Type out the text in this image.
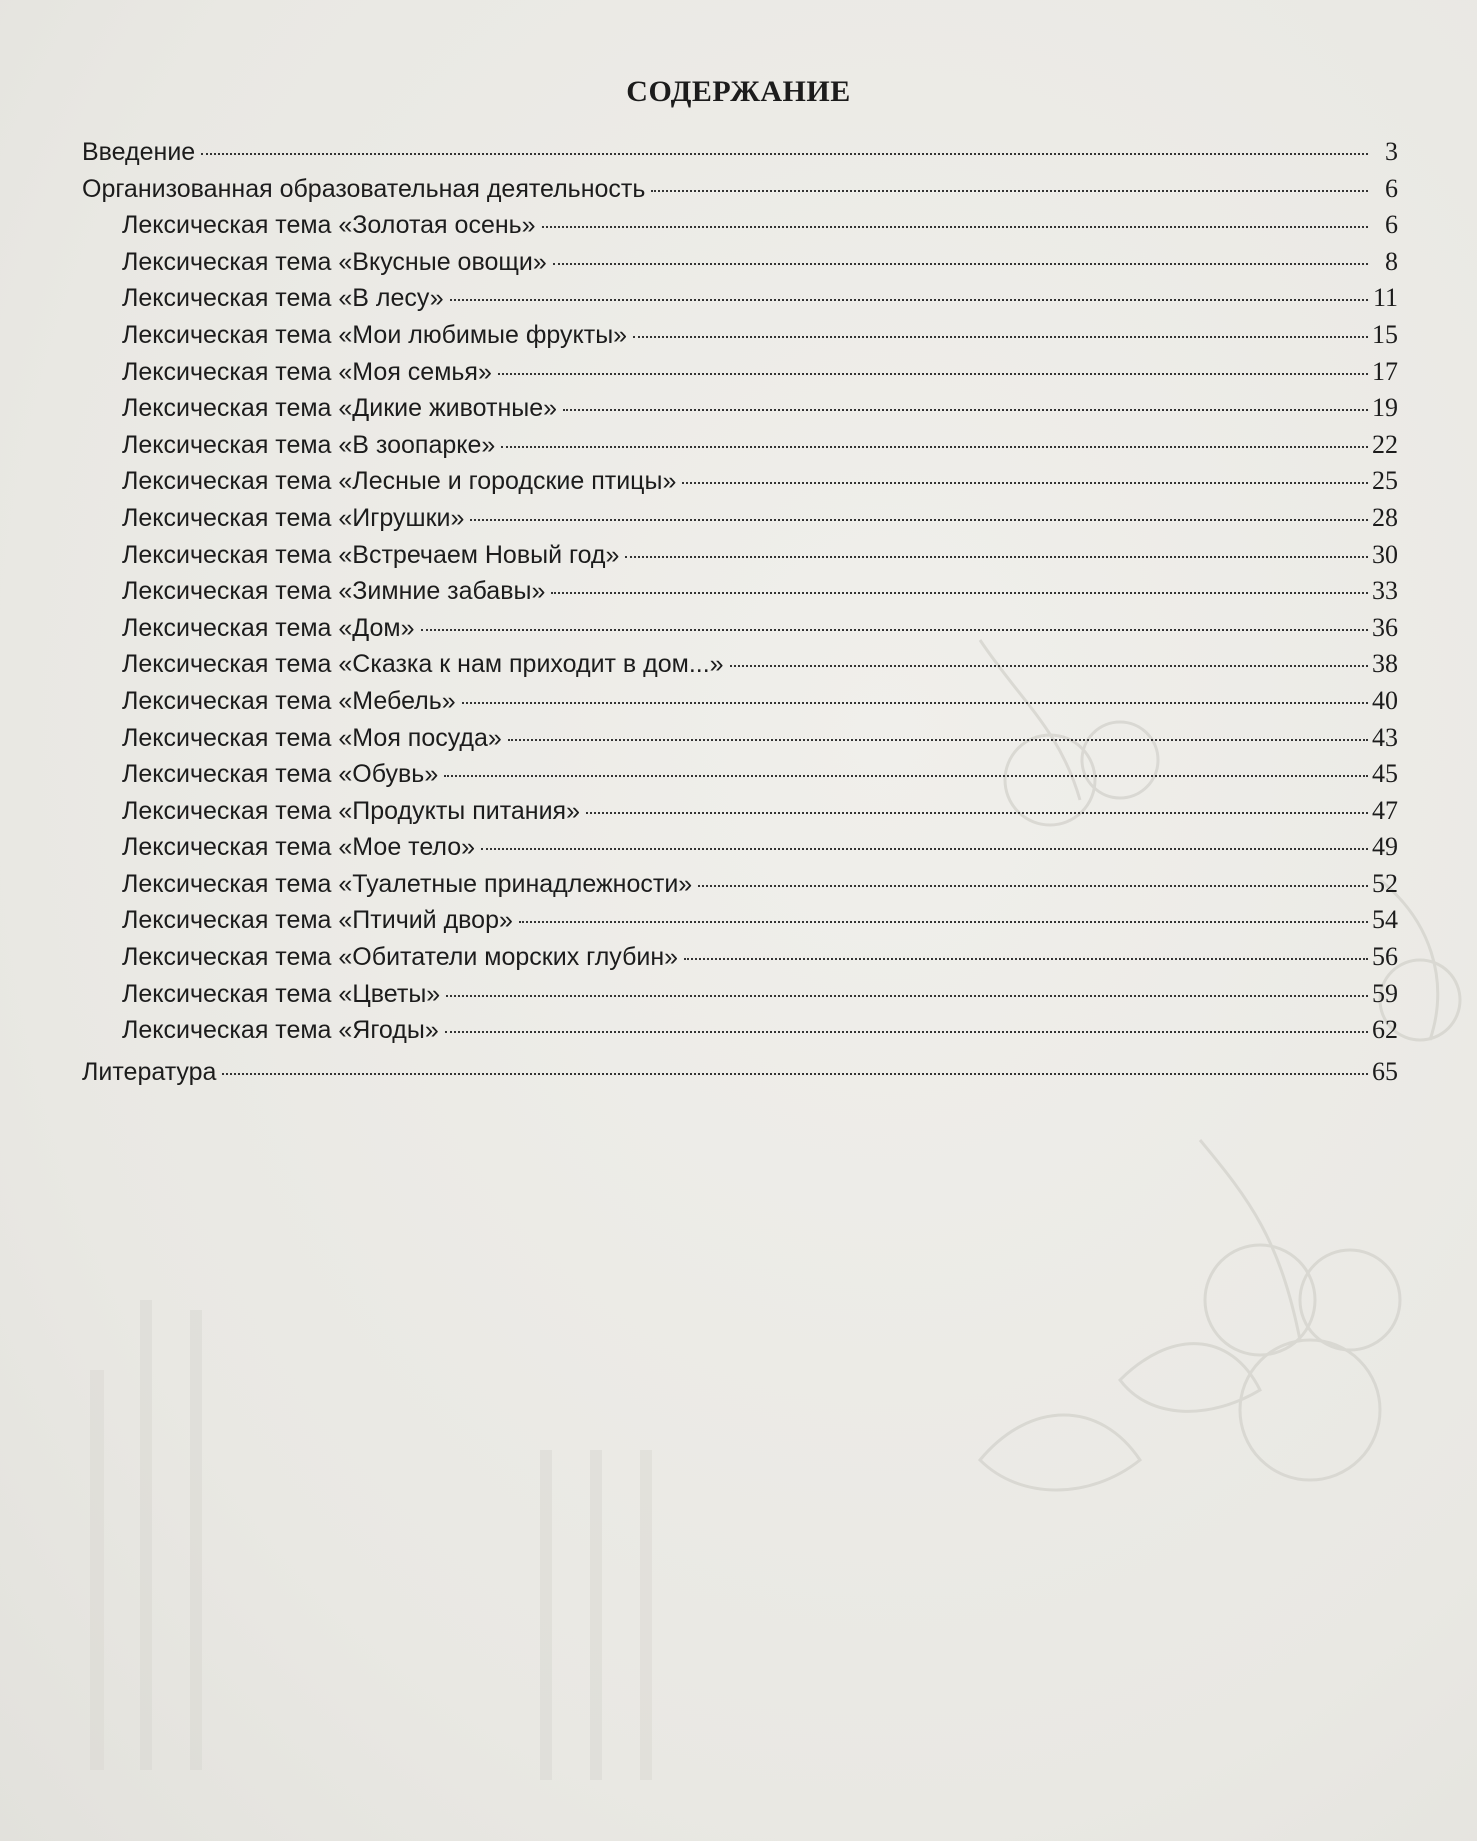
СОДЕРЖАНИЕ
Введение	3
Организованная образовательная деятельность	6
Лексическая тема «Золотая осень»	6
Лексическая тема «Вкусные овощи»	8
Лексическая тема «В лесу»	11
Лексическая тема «Мои любимые фрукты»	15
Лексическая тема «Моя семья»	17
Лексическая тема «Дикие животные»	19
Лексическая тема «В зоопарке»	22
Лексическая тема «Лесные и городские птицы»	25
Лексическая тема «Игрушки»	28
Лексическая тема «Встречаем Новый год»	30
Лексическая тема «Зимние забавы»	33
Лексическая тема «Дом»	36
Лексическая тема «Сказка к нам приходит в дом...»	38
Лексическая тема «Мебель»	40
Лексическая тема «Моя посуда»	43
Лексическая тема «Обувь»	45
Лексическая тема «Продукты питания»	47
Лексическая тема «Мое тело»	49
Лексическая тема «Туалетные принадлежности»	52
Лексическая тема «Птичий двор»	54
Лексическая тема «Обитатели морских глубин»	56
Лексическая тема «Цветы»	59
Лексическая тема «Ягоды»	62
Литература	65
